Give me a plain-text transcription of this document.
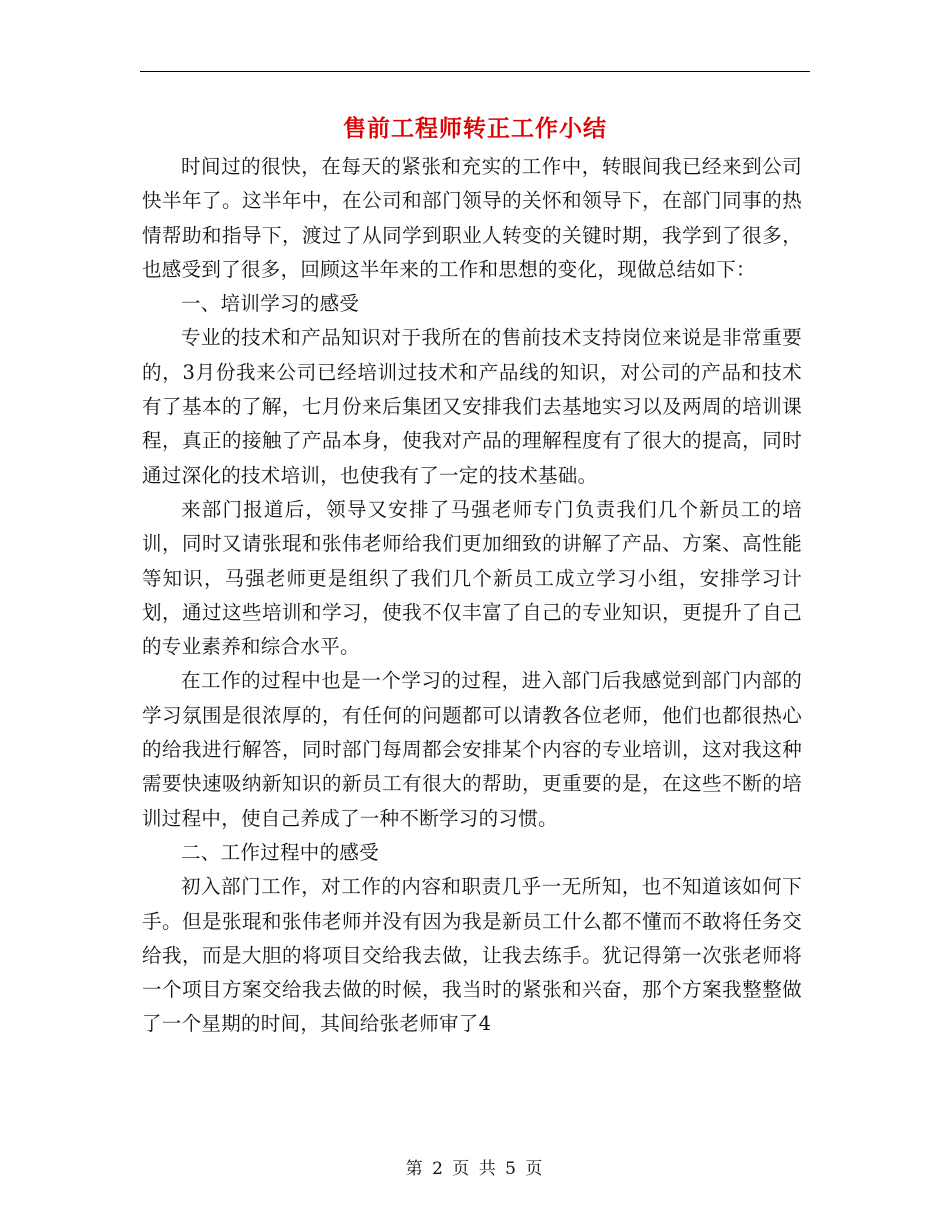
售前工程师转正工作小结

时间过的很快，在每天的紧张和充实的工作中，转眼间我已经来到公司快半年了。这半年中，在公司和部门领导的关怀和领导下，在部门同事的热情帮助和指导下，渡过了从同学到职业人转变的关键时期，我学到了很多，也感受到了很多，回顾这半年来的工作和思想的变化，现做总结如下：

一、培训学习的感受

专业的技术和产品知识对于我所在的售前技术支持岗位来说是非常重要的，3月份我来公司已经培训过技术和产品线的知识，对公司的产品和技术有了基本的了解，七月份来后集团又安排我们去基地实习以及两周的培训课程，真正的接触了产品本身，使我对产品的理解程度有了很大的提高，同时通过深化的技术培训，也使我有了一定的技术基础。

来部门报道后，领导又安排了马强老师专门负责我们几个新员工的培训，同时又请张琨和张伟老师给我们更加细致的讲解了产品、方案、高性能等知识，马强老师更是组织了我们几个新员工成立学习小组，安排学习计划，通过这些培训和学习，使我不仅丰富了自己的专业知识，更提升了自己的专业素养和综合水平。

在工作的过程中也是一个学习的过程，进入部门后我感觉到部门内部的学习氛围是很浓厚的，有任何的问题都可以请教各位老师，他们也都很热心的给我进行解答，同时部门每周都会安排某个内容的专业培训，这对我这种需要快速吸纳新知识的新员工有很大的帮助，更重要的是，在这些不断的培训过程中，使自己养成了一种不断学习的习惯。

二、工作过程中的感受

初入部门工作，对工作的内容和职责几乎一无所知，也不知道该如何下手。但是张琨和张伟老师并没有因为我是新员工什么都不懂而不敢将任务交给我，而是大胆的将项目交给我去做，让我去练手。犹记得第一次张老师将一个项目方案交给我去做的时候，我当时的紧张和兴奋，那个方案我整整做了一个星期的时间，其间给张老师审了4

第 2 页 共 5 页
